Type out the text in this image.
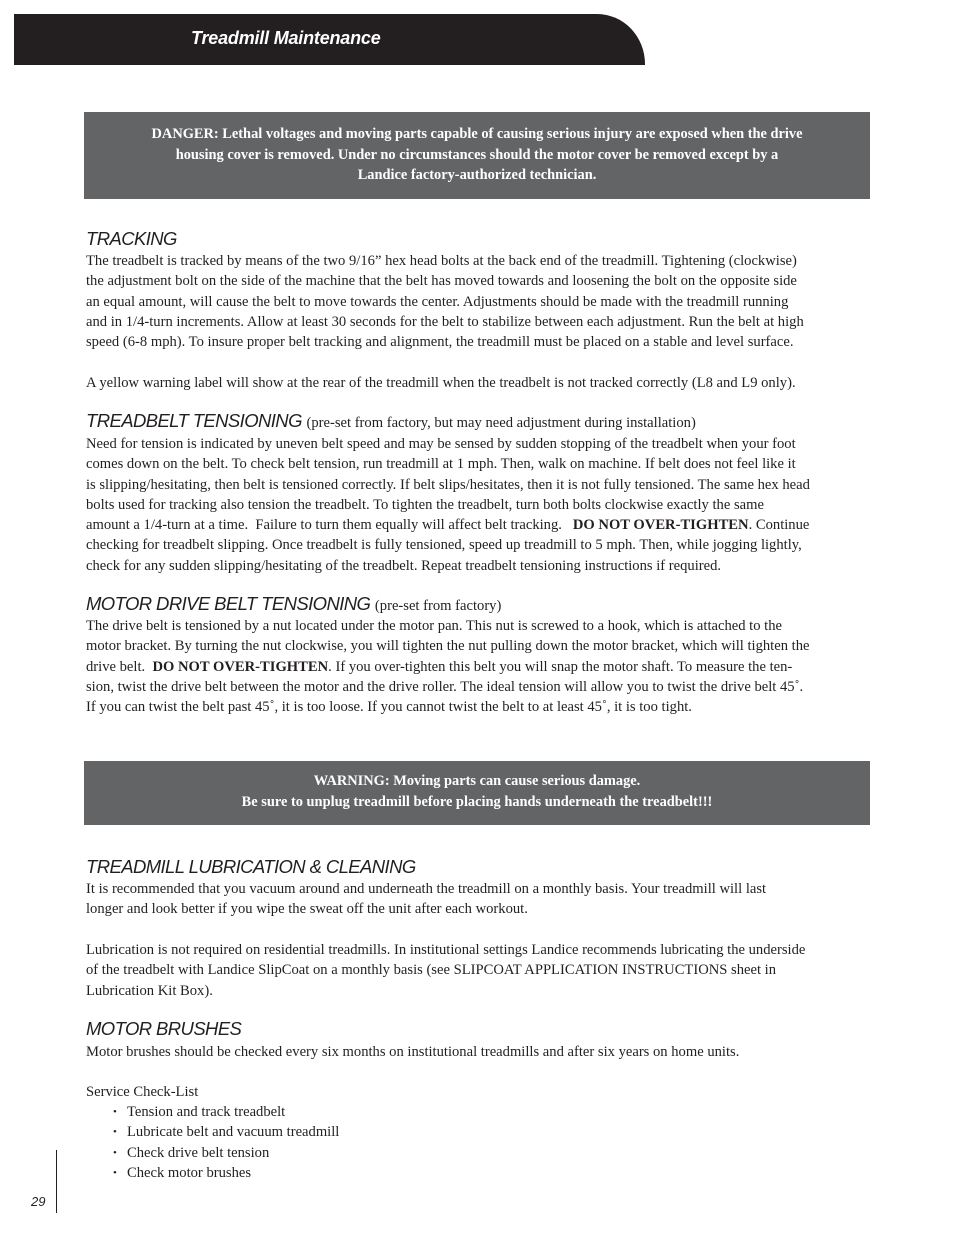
Treadmill Maintenance
DANGER: Lethal voltages and moving parts capable of causing serious injury are exposed when the drive
housing cover is removed. Under no circumstances should the motor cover be removed except by a
Landice factory-authorized technician.
TRACKING
The treadbelt is tracked by means of the two 9/16” hex head bolts at the back end of the treadmill. Tightening (clockwise)
the adjustment bolt on the side of the machine that the belt has moved towards and loosening the bolt on the opposite side
an equal amount, will cause the belt to move towards the center. Adjustments should be made with the treadmill running
and in 1/4-turn increments. Allow at least 30 seconds for the belt to stabilize between each adjustment. Run the belt at high
speed (6-8 mph). To insure proper belt tracking and alignment, the treadmill must be placed on a stable and level surface.
A yellow warning label will show at the rear of the treadmill when the treadbelt is not tracked correctly (L8 and L9 only).
TREADBELT TENSIONING (pre-set from factory, but may need adjustment during installation)
Need for tension is indicated by uneven belt speed and may be sensed by sudden stopping of the treadbelt when your foot
comes down on the belt. To check belt tension, run treadmill at 1 mph. Then, walk on machine. If belt does not feel like it
is slipping/hesitating, then belt is tensioned correctly. If belt slips/hesitates, then it is not fully tensioned. The same hex head
bolts used for tracking also tension the treadbelt. To tighten the treadbelt, turn both bolts clockwise exactly the same
amount a 1/4-turn at a time.  Failure to turn them equally will affect belt tracking.   DO NOT OVER-TIGHTEN. Continue
checking for treadbelt slipping. Once treadbelt is fully tensioned, speed up treadmill to 5 mph. Then, while jogging lightly,
check for any sudden slipping/hesitating of the treadbelt. Repeat treadbelt tensioning instructions if required.
MOTOR DRIVE BELT TENSIONING (pre-set from factory)
The drive belt is tensioned by a nut located under the motor pan. This nut is screwed to a hook, which is attached to the
motor bracket. By turning the nut clockwise, you will tighten the nut pulling down the motor bracket, which will tighten the
drive belt.  DO NOT OVER-TIGHTEN. If you over-tighten this belt you will snap the motor shaft. To measure the ten-
sion, twist the drive belt between the motor and the drive roller. The ideal tension will allow you to twist the drive belt 45˚.
If you can twist the belt past 45˚, it is too loose. If you cannot twist the belt to at least 45˚, it is too tight.
WARNING: Moving parts can cause serious damage.
Be sure to unplug treadmill before placing hands underneath the treadbelt!!!
TREADMILL LUBRICATION & CLEANING
It is recommended that you vacuum around and underneath the treadmill on a monthly basis. Your treadmill will last
longer and look better if you wipe the sweat off the unit after each workout.
Lubrication is not required on residential treadmills. In institutional settings Landice recommends lubricating the underside
of the treadbelt with Landice SlipCoat on a monthly basis (see SLIPCOAT APPLICATION INSTRUCTIONS sheet in
Lubrication Kit Box).
MOTOR BRUSHES
Motor brushes should be checked every six months on institutional treadmills and after six years on home units.
Service Check-List
• Tension and track treadbelt
• Lubricate belt and vacuum treadmill
• Check drive belt tension
• Check motor brushes
29
